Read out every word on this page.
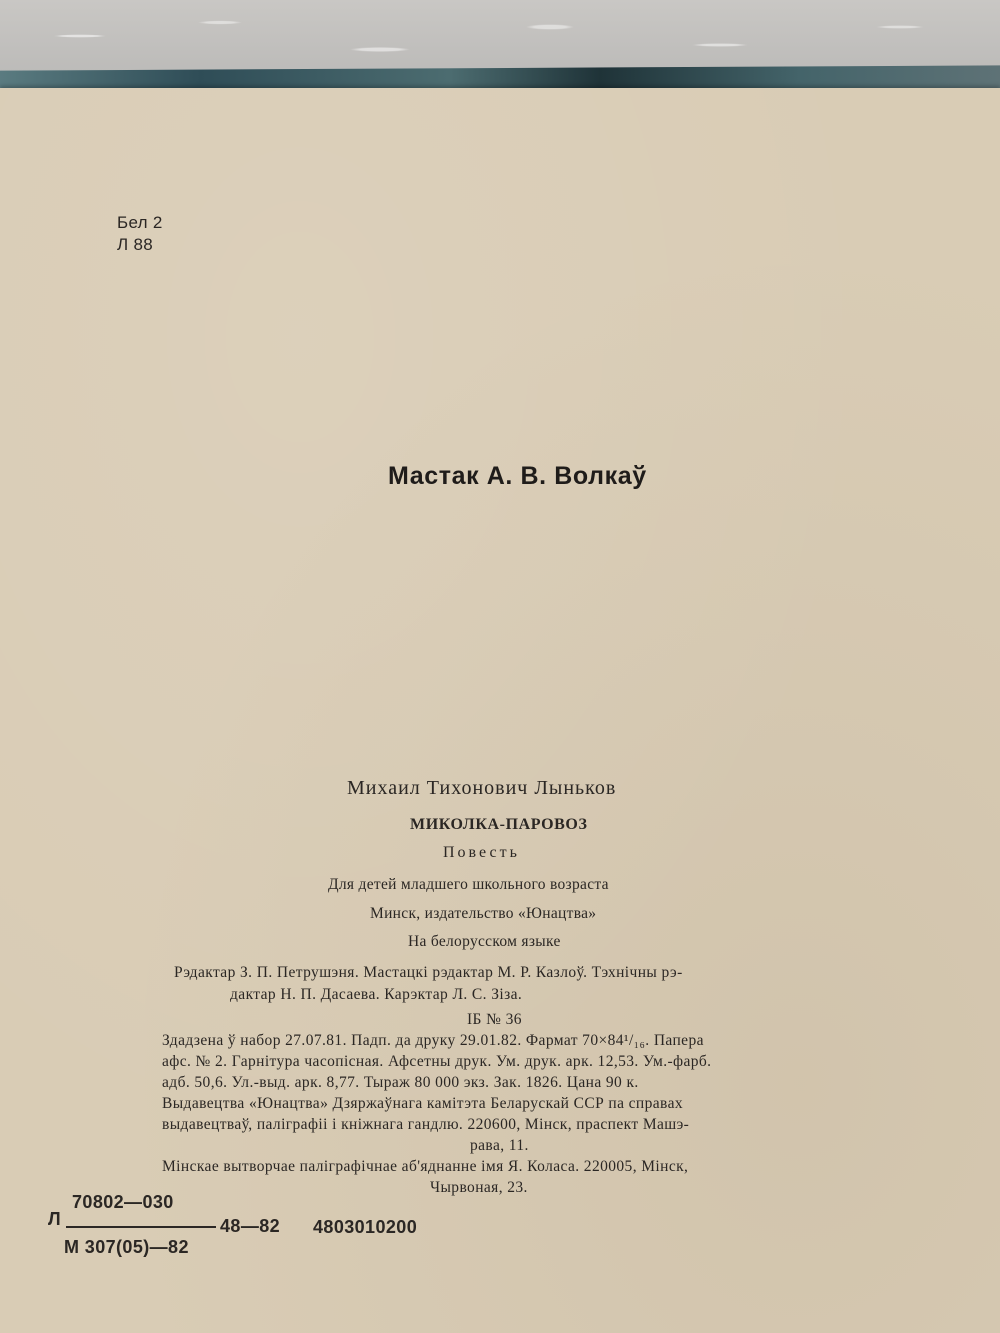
Бел 2
Л 88
Мастак А. В. Волкаў
Михаил Тихонович Лыньков
МИКОЛКА-ПАРОВОЗ
Повесть
Для детей младшего школьного возраста
Минск, издательство «Юнацтва»
На белорусском языке
Рэдактар З. П. Петрушэня. Мастацкі рэдактар М. Р. Казлоў. Тэхнічны рэ-
дактар Н. П. Дасаева. Карэктар Л. С. Зіза.
ІБ № 36
Здадзена ў набор 27.07.81. Падп. да друку 29.01.82. Фармат 70×84¹/₁₆. Папера
афс. № 2. Гарнітура часопісная. Афсетны друк. Ум. друк. арк. 12,53. Ум.-фарб.
адб. 50,6. Ул.-выд. арк. 8,77. Тыраж 80 000 экз. Зак. 1826. Цана 90 к.
Выдавецтва «Юнацтва» Дзяржаўнага камітэта Беларускай ССР па справах
выдавецтваў, паліграфіі і кніжнага гандлю. 220600, Мінск, праспект Машэ-
рава, 11.
Мінскае вытворчае паліграфічнае аб'яднанне імя Я. Коласа. 220005, Мінск,
Чырвоная, 23.
70802—030
Л	48—82 4803010200
М 307(05)—82
